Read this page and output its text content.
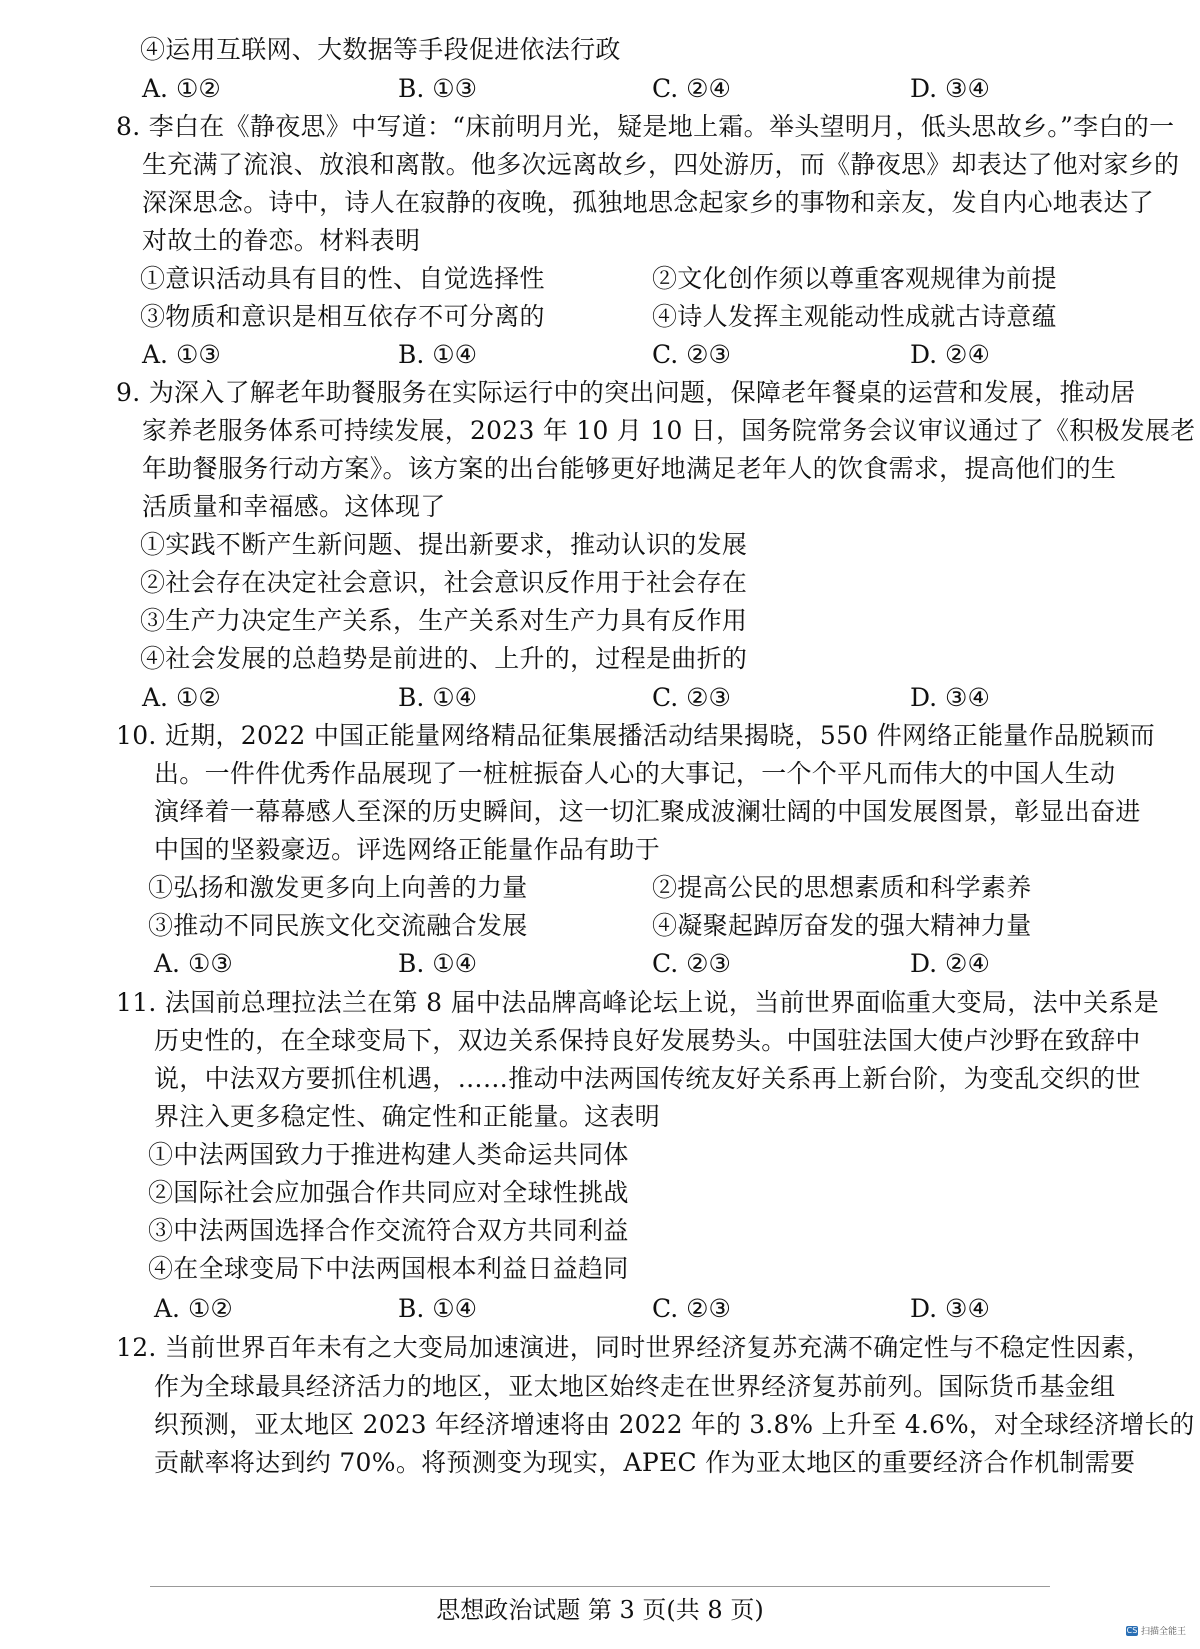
④运用互联网、大数据等手段促进依法行政
A. ①②	B. ①③	C. ②④	D. ③④
8. 李白在《静夜思》中写道：“床前明月光，疑是地上霜。举头望明月，低头思故乡。”李白的一
生充满了流浪、放浪和离散。他多次远离故乡，四处游历，而《静夜思》却表达了他对家乡的
深深思念。诗中，诗人在寂静的夜晚，孤独地思念起家乡的事物和亲友，发自内心地表达了
对故土的眷恋。材料表明
①意识活动具有目的性、自觉选择性	②文化创作须以尊重客观规律为前提
③物质和意识是相互依存不可分离的	④诗人发挥主观能动性成就古诗意蕴
A. ①③	B. ①④	C. ②③	D. ②④
9. 为深入了解老年助餐服务在实际运行中的突出问题，保障老年餐桌的运营和发展，推动居
家养老服务体系可持续发展，2023 年 10 月 10 日，国务院常务会议审议通过了《积极发展老
年助餐服务行动方案》。该方案的出台能够更好地满足老年人的饮食需求，提高他们的生
活质量和幸福感。这体现了
①实践不断产生新问题、提出新要求，推动认识的发展
②社会存在决定社会意识，社会意识反作用于社会存在
③生产力决定生产关系，生产关系对生产力具有反作用
④社会发展的总趋势是前进的、上升的，过程是曲折的
A. ①②	B. ①④	C. ②③	D. ③④
10. 近期，2022 中国正能量网络精品征集展播活动结果揭晓，550 件网络正能量作品脱颖而
出。一件件优秀作品展现了一桩桩振奋人心的大事记，一个个平凡而伟大的中国人生动
演绎着一幕幕感人至深的历史瞬间，这一切汇聚成波澜壮阔的中国发展图景，彰显出奋进
中国的坚毅豪迈。评选网络正能量作品有助于
①弘扬和激发更多向上向善的力量	②提高公民的思想素质和科学素养
③推动不同民族文化交流融合发展	④凝聚起踔厉奋发的强大精神力量
A. ①③	B. ①④	C. ②③	D. ②④
11. 法国前总理拉法兰在第 8 届中法品牌高峰论坛上说，当前世界面临重大变局，法中关系是
历史性的，在全球变局下，双边关系保持良好发展势头。中国驻法国大使卢沙野在致辞中
说，中法双方要抓住机遇，……推动中法两国传统友好关系再上新台阶，为变乱交织的世
界注入更多稳定性、确定性和正能量。这表明
①中法两国致力于推进构建人类命运共同体
②国际社会应加强合作共同应对全球性挑战
③中法两国选择合作交流符合双方共同利益
④在全球变局下中法两国根本利益日益趋同
A. ①②	B. ①④	C. ②③	D. ③④
12. 当前世界百年未有之大变局加速演进，同时世界经济复苏充满不确定性与不稳定性因素，
作为全球最具经济活力的地区，亚太地区始终走在世界经济复苏前列。国际货币基金组
织预测，亚太地区 2023 年经济增速将由 2022 年的 3.8% 上升至 4.6%，对全球经济增长的
贡献率将达到约 70%。将预测变为现实，APEC 作为亚太地区的重要经济合作机制需要
思想政治试题 第 3 页(共 8 页)
CS 扫描全能王
